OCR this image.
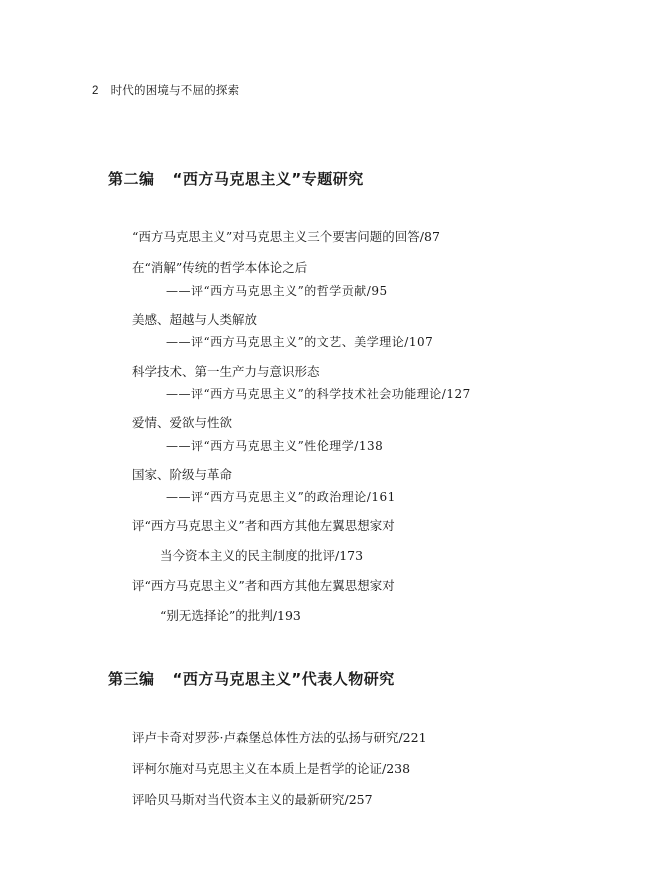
2 时代的困境与不屈的探索
第二编 “西方马克思主义”专题研究
“西方马克思主义”对马克思主义三个要害问题的回答/87
在“消解”传统的哲学本体论之后
——评“西方马克思主义”的哲学贡献/95
美感、超越与人类解放
——评“西方马克思主义”的文艺、美学理论/107
科学技术、第一生产力与意识形态
——评“西方马克思主义”的科学技术社会功能理论/127
爱情、爱欲与性欲
——评“西方马克思主义”性伦理学/138
国家、阶级与革命
——评“西方马克思主义”的政治理论/161
评“西方马克思主义”者和西方其他左翼思想家对
当今资本主义的民主制度的批评/173
评“西方马克思主义”者和西方其他左翼思想家对
“别无选择论”的批判/193
第三编 “西方马克思主义”代表人物研究
评卢卡奇对罗莎·卢森堡总体性方法的弘扬与研究/221
评柯尔施对马克思主义在本质上是哲学的论证/238
评哈贝马斯对当代资本主义的最新研究/257
